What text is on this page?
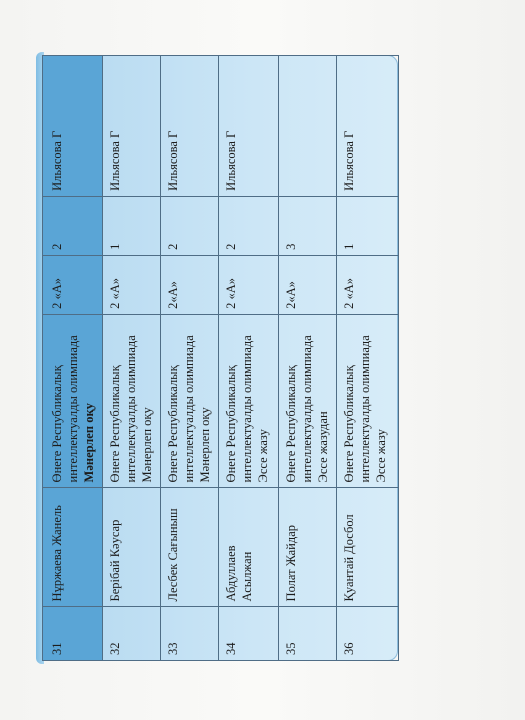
31	Нұржаева Жанель	Өнеге Республикалық интеллектуалды олимпиада Мәнерлеп оқу	2 «А»	2	Ильясова Г
32	Берібай Кәусар	Өнеге Республикалық интеллектуалды олимпиада Мәнерлеп оқу	2 «А»	1	Ильясова Г
33	Лесбек Сағыныш	Өнеге Республикалық интеллектуалды олимпиада Мәнерлеп оқу	2«А»	2	Ильясова Г
34	Абдуллаев Асылжан	Өнеге Республикалық интеллектуалды олимпиада Эссе жазу	2 «А»	2	Ильясова Г
35	Полат Жайдар	Өнеге Республикалық интеллектуалды олимпиада Эссе жазудан	2«А»	3	
36	Қуантай Досбол	Өнеге Республикалық интеллектуалды олимпиада Эссе жазу	2 «А»	1	Ильясова Г
